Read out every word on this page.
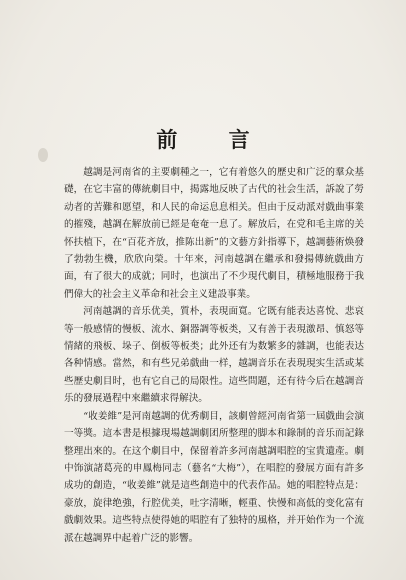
前 言

越調是河南省的主要劇種之一，它有着悠久的歷史和广泛的羣众基礎，在它丰富的傳統劇目中，揭露地反映了古代的社会生活，訴說了勞动者的苦難和愿望，和人民的命运息息相关。但由于反动派对戲曲事業的摧殘，越調在解放前已經是奄奄一息了。解放后，在党和毛主席的关怀扶植下，在“百花齐放，推陈出新”的文藝方針指導下，越調藝術焕發了勃勃生機，欣欣向榮。十年來，河南越調在繼承和發揚傳統戲曲方面，有了很大的成就；同时，也演出了不少現代劇目，積極地服務于我們偉大的社会主义革命和社会主义建設事業。

河南越調的音乐优美，質朴，表現面寬。它既有能表达喜悅、悲哀等一般感情的慢板、流水、銅器調等板类，又有善于表現激昂、慎怒等情緒的飛板、垛子、倒板等板类；此外还有为数繁多的雜調，也能表达各种情感。當然，和有些兄弟戲曲一样，越調音乐在表現現实生活或某些歷史劇目时，也有它自己的局限性。這些問題，还有待今后在越調音乐的發展過程中來繼續求得解決。

“收姜維”是河南越調的优秀劇目，該劇曾經河南省第一屆戲曲会演一等獎。這本書是根據現場越調劇团所整理的脚本和錄制的音乐而記錄整理出來的。在这个劇目中，保留着許多河南越調唱腔的宝貴遺產。劇中饰演諸葛亮的申鳳梅同志（藝名“大梅”），在唱腔的發展方面有許多成功的創造，“收姜維”就是這些創造中的代表作品。她的唱腔特点是：豪放，旋律绝強，行腔优美，吐字清晰，輕重、快慢和高低的变化富有戲劇效果。這些特点使得她的唱腔有了独特的風格，并开始作为一个流派在越調界中起着广泛的影響。
